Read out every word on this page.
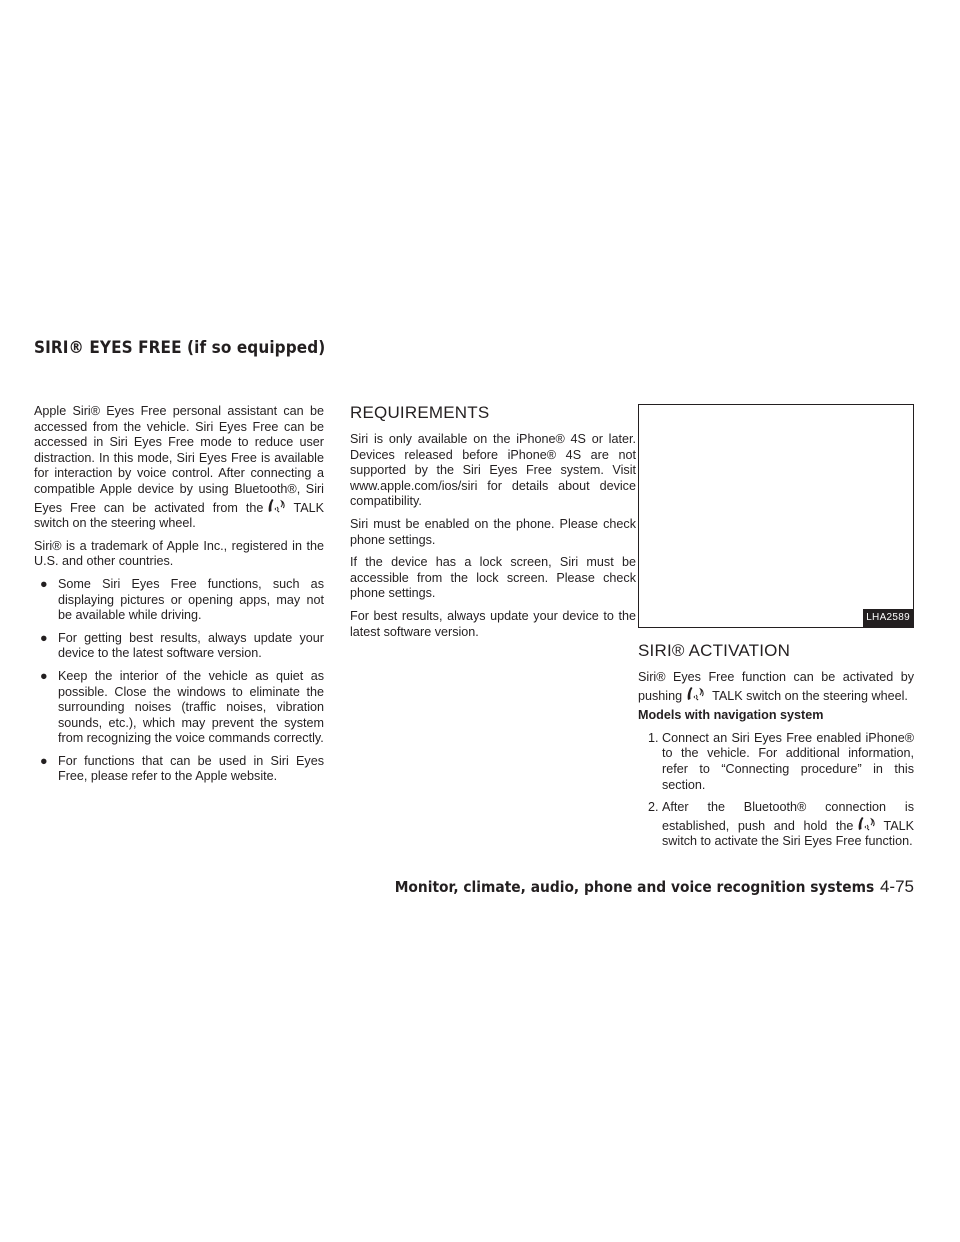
SIRI® EYES FREE (if so equipped)

Apple Siri® Eyes Free personal assistant can be accessed from the vehicle. Siri Eyes Free can be accessed in Siri Eyes Free mode to reduce user distraction. In this mode, Siri Eyes Free is available for interaction by voice control. After connecting a compatible Apple device by using Bluetooth®, Siri Eyes Free can be activated from the TALK switch on the steering wheel.

Siri® is a trademark of Apple Inc., registered in the U.S. and other countries.

● Some Siri Eyes Free functions, such as displaying pictures or opening apps, may not be available while driving.
● For getting best results, always update your device to the latest software version.
● Keep the interior of the vehicle as quiet as possible. Close the windows to eliminate the surrounding noises (traffic noises, vibration sounds, etc.), which may prevent the system from recognizing the voice commands correctly.
● For functions that can be used in Siri Eyes Free, please refer to the Apple website.
REQUIREMENTS

Siri is only available on the iPhone® 4S or later. Devices released before iPhone® 4S are not supported by the Siri Eyes Free system. Visit www.apple.com/ios/siri for details about device compatibility.

Siri must be enabled on the phone. Please check phone settings.

If the device has a lock screen, Siri must be accessible from the lock screen. Please check phone settings.

For best results, always update your device to the latest software version.

LHA2589
SIRI® ACTIVATION

Siri® Eyes Free function can be activated by pushing TALK switch on the steering wheel.

Models with navigation system

1. Connect an Siri Eyes Free enabled iPhone® to the vehicle. For additional information, refer to “Connecting procedure” in this section.
2. After the Bluetooth® connection is established, push and hold the TALK switch to activate the Siri Eyes Free function.
Monitor, climate, audio, phone and voice recognition systems 4-75
